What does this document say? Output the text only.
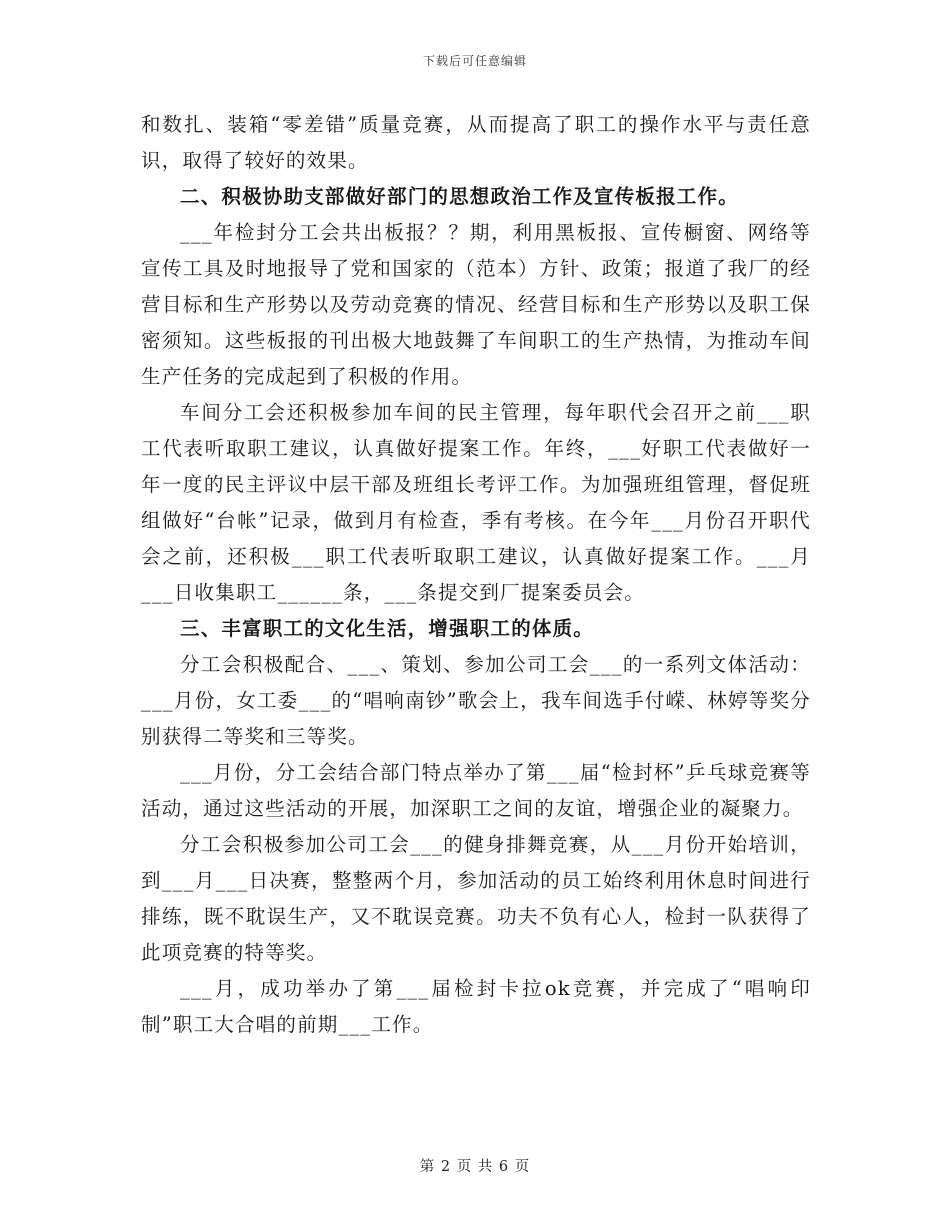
下载后可任意编辑

和数扎、装箱“零差错”质量竞赛，从而提高了职工的操作水平与责任意识，取得了较好的效果。

二、积极协助支部做好部门的思想政治工作及宣传板报工作。

___年检封分工会共出板报？？期，利用黑板报、宣传橱窗、网络等宣传工具及时地报导了党和国家的（范本）方针、政策；报道了我厂的经营目标和生产形势以及劳动竞赛的情况、经营目标和生产形势以及职工保密须知。这些板报的刊出极大地鼓舞了车间职工的生产热情，为推动车间生产任务的完成起到了积极的作用。

车间分工会还积极参加车间的民主管理，每年职代会召开之前___职工代表听取职工建议，认真做好提案工作。年终，___好职工代表做好一年一度的民主评议中层干部及班组长考评工作。为加强班组管理，督促班组做好“台帐”记录，做到月有检查，季有考核。在今年___月份召开职代会之前，还积极___职工代表听取职工建议，认真做好提案工作。___月___日收集职工______条，___条提交到厂提案委员会。

三、丰富职工的文化生活，增强职工的体质。

分工会积极配合、___、策划、参加公司工会___的一系列文体活动：___月份，女工委___的“唱响南钞”歌会上，我车间选手付嵘、林婷等奖分别获得二等奖和三等奖。

___月份，分工会结合部门特点举办了第___届“检封杯”乒乓球竞赛等活动，通过这些活动的开展，加深职工之间的友谊，增强企业的凝聚力。

分工会积极参加公司工会___的健身排舞竞赛，从___月份开始培训，到___月___日决赛，整整两个月，参加活动的员工始终利用休息时间进行排练，既不耽误生产，又不耽误竞赛。功夫不负有心人，检封一队获得了此项竞赛的特等奖。

___月，成功举办了第___届检封卡拉ok竞赛，并完成了“唱响印制”职工大合唱的前期___工作。

第 2 页 共 6 页
